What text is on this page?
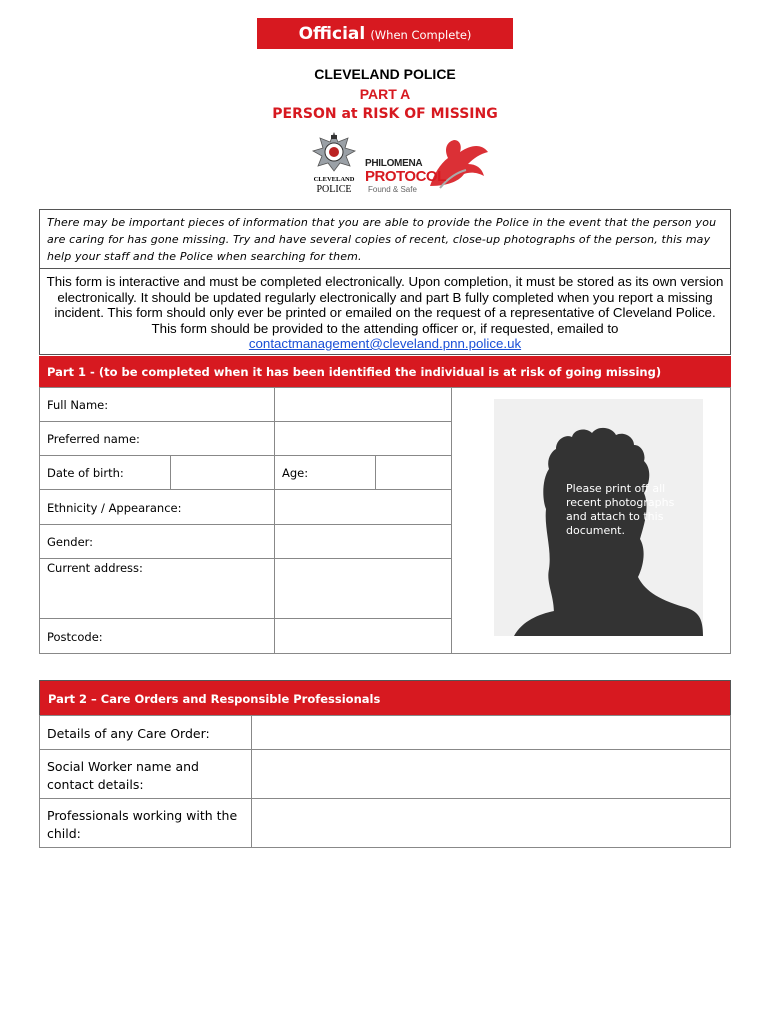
Official (When Complete)
CLEVELAND POLICE
PART A
PERSON at RISK OF MISSING
CLEVELAND
POLICE
PHILOMENA
PROTOCOL
Found & Safe
There may be important pieces of information that you are able to provide the Police in the event that the person you are caring for has gone missing. Try and have several copies of recent, close-up photographs of the person, this may help your staff and the Police when searching for them.
This form is interactive and must be completed electronically. Upon completion, it must be stored as its own version electronically. It should be updated regularly electronically and part B fully completed when you report a missing incident. This form should only ever be printed or emailed on the request of a representative of Cleveland Police. This form should be provided to the attending officer or, if requested, emailed to contactmanagement@cleveland.pnn.police.uk
Part 1 - (to be completed when it has been identified the individual is at risk of going missing)
Full Name:
Preferred name:
Date of birth:	Age:
Ethnicity / Appearance:
Gender:
Current address:
Postcode:
Please print off all recent photographs and attach to this document.
Part 2 – Care Orders and Responsible Professionals
Details of any Care Order:
Social Worker name and contact details:
Professionals working with the child:
